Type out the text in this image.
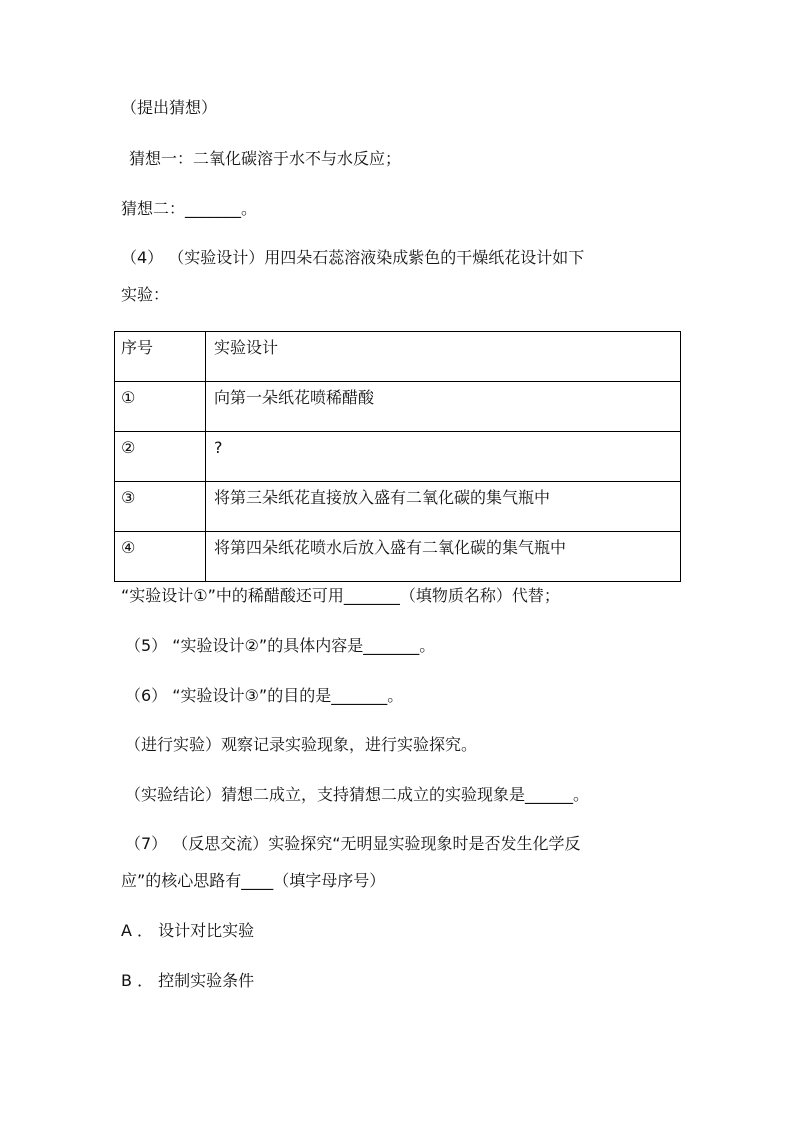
（提出猜想）
猜想一：二氧化碳溶于水不与水反应；
猜想二：_______。
（4） （实验设计）用四朵石蕊溶液染成紫色的干燥纸花设计如下
实验：
序号	实验设计

①	向第一朵纸花喷稀醋酸

②	?

③	将第三朵纸花直接放入盛有二氧化碳的集气瓶中

④	将第四朵纸花喷水后放入盛有二氧化碳的集气瓶中
“实验设计①”中的稀醋酸还可用_______（填物质名称）代替；
（5） “实验设计②”的具体内容是_______。
（6） “实验设计③”的目的是_______。
（进行实验）观察记录实验现象，进行实验探究。
（实验结论）猜想二成立，支持猜想二成立的实验现象是______。
（7） （反思交流）实验探究“无明显实验现象时是否发生化学反
应”的核心思路有____（填字母序号）
A ． 设计对比实验
B ． 控制实验条件
